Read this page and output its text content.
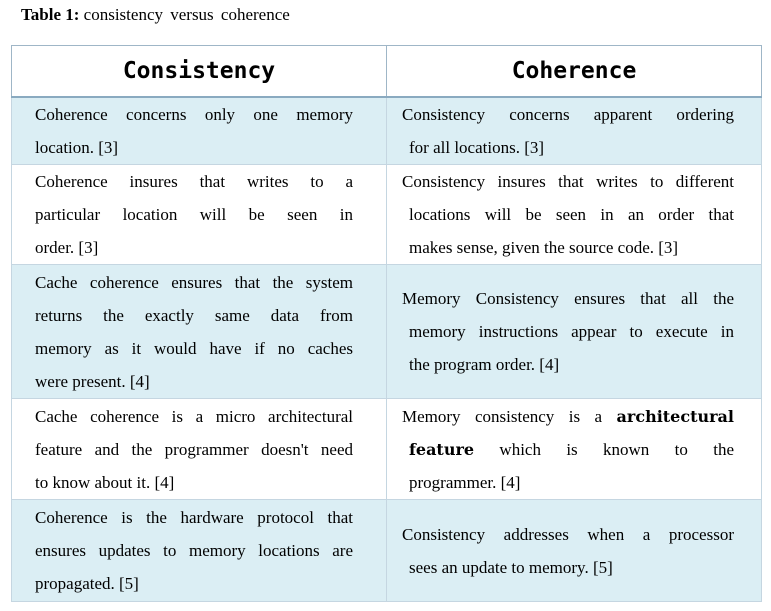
Table 1: consistency versus coherence
Consistency	Coherence

Coherence concerns only one memory
location. [3]	Consistency concerns apparent ordering
for all locations. [3]

Coherence insures that writes to a
particular location will be seen in
order. [3]	Consistency insures that writes to different
locations will be seen in an order that
makes sense, given the source code. [3]

Cache coherence ensures that the system
returns the exactly same data from
memory as it would have if no caches
were present. [4]	Memory Consistency ensures that all the
memory instructions appear to execute in
the program order. [4]

Cache coherence is a micro architectural
feature and the programmer doesn't need
to know about it. [4]	Memory consistency is a architectural
feature which is known to the
programmer. [4]

Coherence is the hardware protocol that
ensures updates to memory locations are
propagated. [5]	Consistency addresses when a processor
sees an update to memory. [5]
